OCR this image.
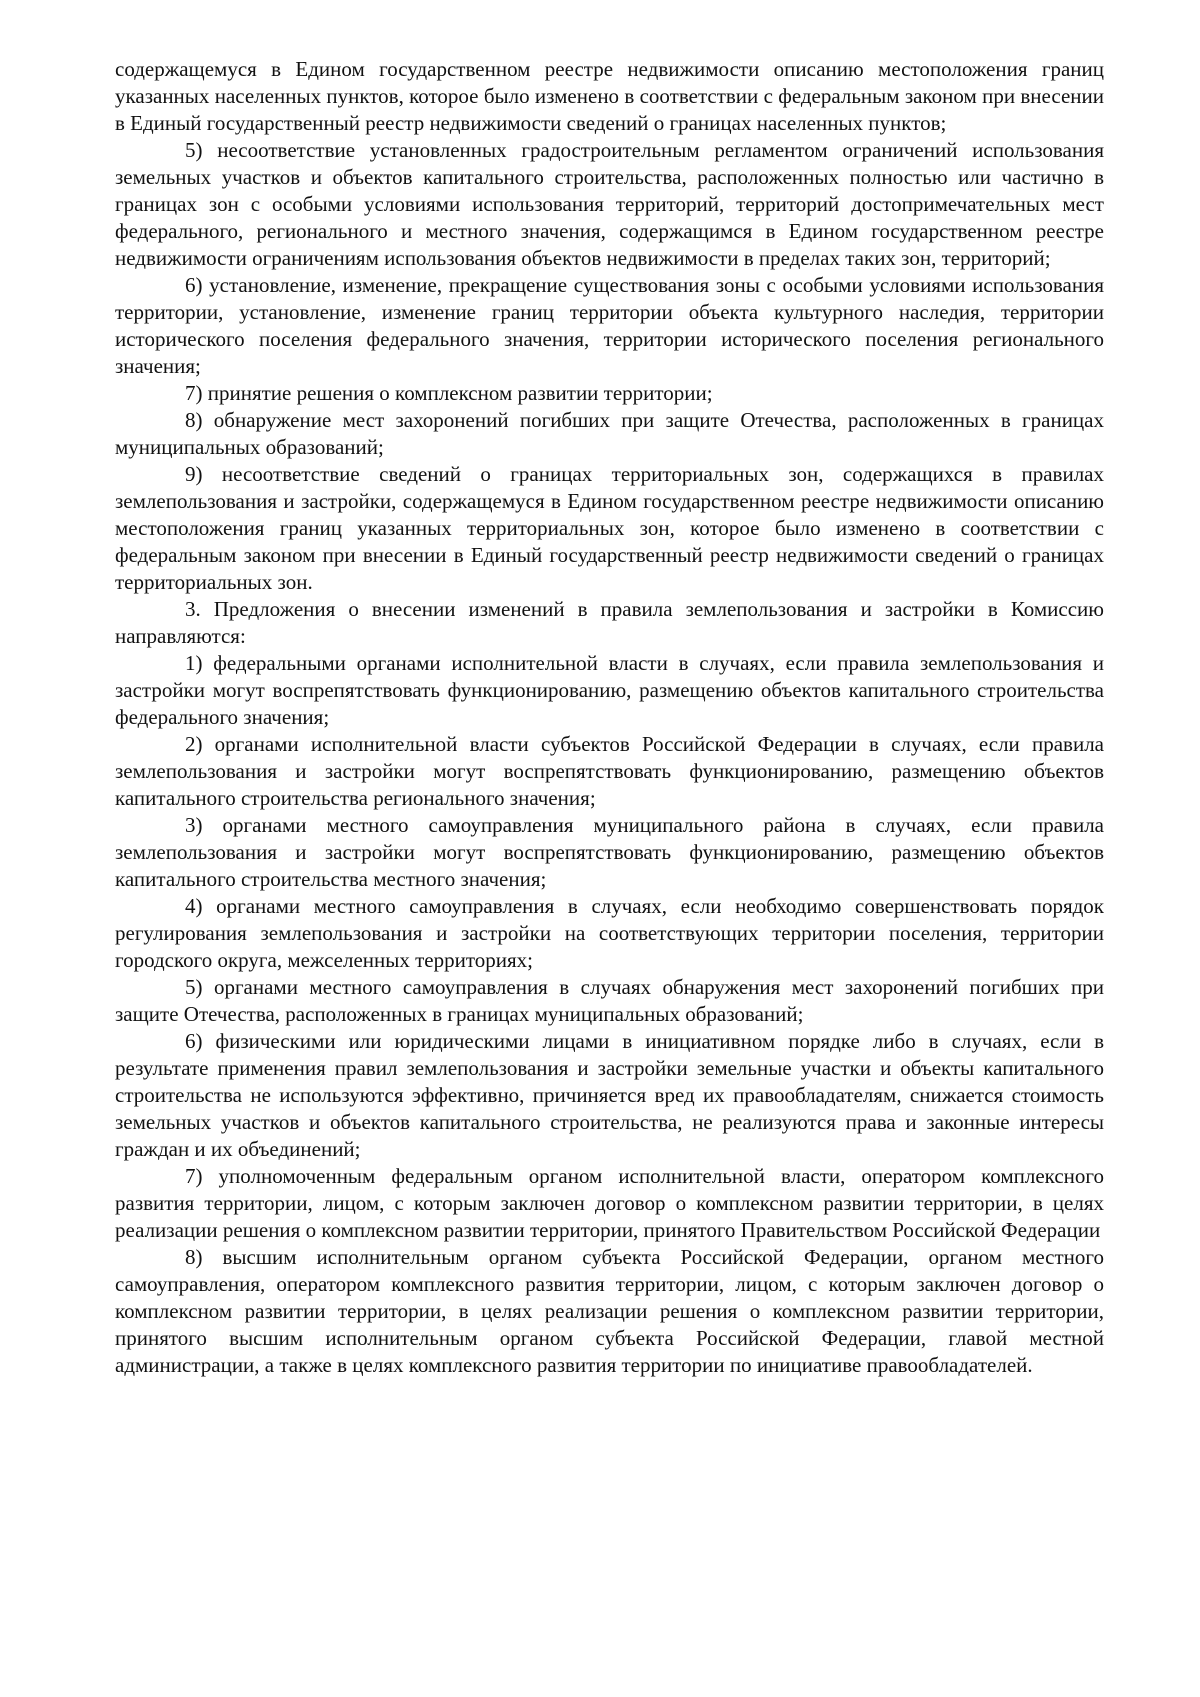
содержащемуся в Едином государственном реестре недвижимости описанию местоположения границ указанных населенных пунктов, которое было изменено в соответствии с федеральным законом при внесении в Единый государственный реестр недвижимости сведений о границах населенных пунктов;

5) несоответствие установленных градостроительным регламентом ограничений использования земельных участков и объектов капитального строительства, расположенных полностью или частично в границах зон с особыми условиями использования территорий, территорий достопримечательных мест федерального, регионального и местного значения, содержащимся в Едином государственном реестре недвижимости ограничениям использования объектов недвижимости в пределах таких зон, территорий;

6) установление, изменение, прекращение существования зоны с особыми условиями использования территории, установление, изменение границ территории объекта культурного наследия, территории исторического поселения федерального значения, территории исторического поселения регионального значения;

7) принятие решения о комплексном развитии территории;

8) обнаружение мест захоронений погибших при защите Отечества, расположенных в границах муниципальных образований;

9) несоответствие сведений о границах территориальных зон, содержащихся в правилах землепользования и застройки, содержащемуся в Едином государственном реестре недвижимости описанию местоположения границ указанных территориальных зон, которое было изменено в соответствии с федеральным законом при внесении в Единый государственный реестр недвижимости сведений о границах территориальных зон.

3. Предложения о внесении изменений в правила землепользования и застройки в Комиссию направляются:

1) федеральными органами исполнительной власти в случаях, если правила землепользования и застройки могут воспрепятствовать функционированию, размещению объектов капитального строительства федерального значения;

2) органами исполнительной власти субъектов Российской Федерации в случаях, если правила землепользования и застройки могут воспрепятствовать функционированию, размещению объектов капитального строительства регионального значения;

3) органами местного самоуправления муниципального района в случаях, если правила землепользования и застройки могут воспрепятствовать функционированию, размещению объектов капитального строительства местного значения;

4) органами местного самоуправления в случаях, если необходимо совершенствовать порядок регулирования землепользования и застройки на соответствующих территории поселения, территории городского округа, межселенных территориях;

5) органами местного самоуправления в случаях обнаружения мест захоронений погибших при защите Отечества, расположенных в границах муниципальных образований;

6) физическими или юридическими лицами в инициативном порядке либо в случаях, если в результате применения правил землепользования и застройки земельные участки и объекты капитального строительства не используются эффективно, причиняется вред их правообладателям, снижается стоимость земельных участков и объектов капитального строительства, не реализуются права и законные интересы граждан и их объединений;

7) уполномоченным федеральным органом исполнительной власти, оператором комплексного развития территории, лицом, с которым заключен договор о комплексном развитии территории, в целях реализации решения о комплексном развитии территории, принятого Правительством Российской Федерации

8) высшим исполнительным органом субъекта Российской Федерации, органом местного самоуправления, оператором комплексного развития территории, лицом, с которым заключен договор о комплексном развитии территории, в целях реализации решения о комплексном развитии территории, принятого высшим исполнительным органом субъекта Российской Федерации, главой местной администрации, а также в целях комплексного развития территории по инициативе правообладателей.
